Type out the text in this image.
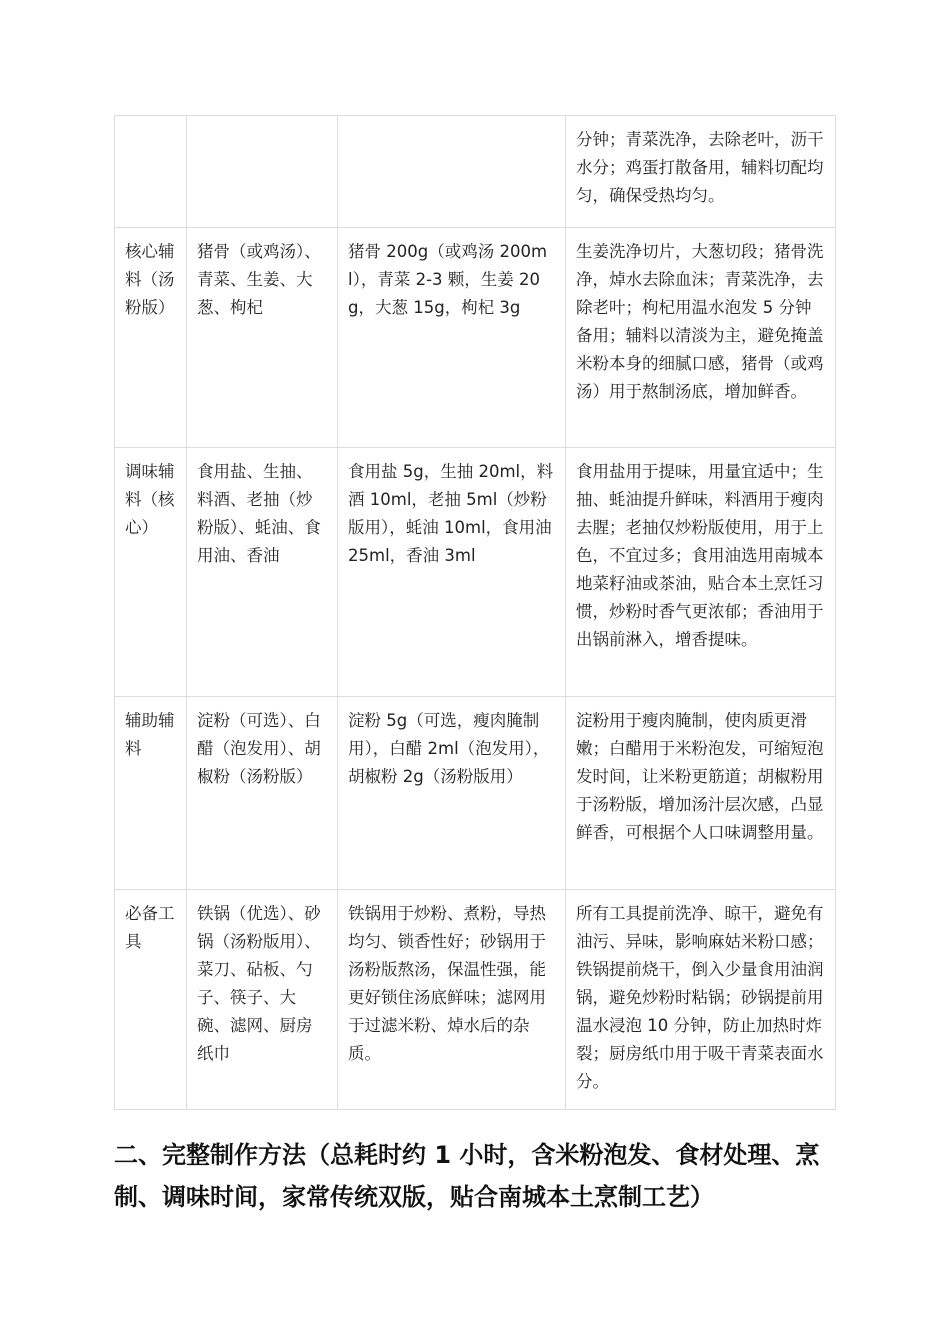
			分钟；青菜洗净，去除老叶，沥干水分；鸡蛋打散备用，辅料切配均匀，确保受热均匀。
核心辅料（汤粉版）	猪骨（或鸡汤）、青菜、生姜、大葱、枸杞	猪骨 200g（或鸡汤 200ml），青菜 2-3 颗，生姜 20g，大葱 15g，枸杞 3g	生姜洗净切片，大葱切段；猪骨洗净，焯水去除血沫；青菜洗净，去除老叶；枸杞用温水泡发 5 分钟备用；辅料以清淡为主，避免掩盖米粉本身的细腻口感，猪骨（或鸡汤）用于熬制汤底，增加鲜香。
调味辅料（核心）	食用盐、生抽、料酒、老抽（炒粉版）、蚝油、食用油、香油	食用盐 5g，生抽 20ml，料酒 10ml，老抽 5ml（炒粉版用），蚝油 10ml，食用油 25ml，香油 3ml	食用盐用于提味，用量宜适中；生抽、蚝油提升鲜味，料酒用于瘦肉去腥；老抽仅炒粉版使用，用于上色，不宜过多；食用油选用南城本地菜籽油或茶油，贴合本土烹饪习惯，炒粉时香气更浓郁；香油用于出锅前淋入，增香提味。
辅助辅料	淀粉（可选）、白醋（泡发用）、胡椒粉（汤粉版）	淀粉 5g（可选，瘦肉腌制用），白醋 2ml（泡发用），胡椒粉 2g（汤粉版用）	淀粉用于瘦肉腌制，使肉质更滑嫩；白醋用于米粉泡发，可缩短泡发时间，让米粉更筋道；胡椒粉用于汤粉版，增加汤汁层次感，凸显鲜香，可根据个人口味调整用量。
必备工具	铁锅（优选）、砂锅（汤粉版用）、菜刀、砧板、勺子、筷子、大碗、滤网、厨房纸巾	铁锅用于炒粉、煮粉，导热均匀、锁香性好；砂锅用于汤粉版熬汤，保温性强，能更好锁住汤底鲜味；滤网用于过滤米粉、焯水后的杂质。	所有工具提前洗净、晾干，避免有油污、异味，影响麻姑米粉口感；铁锅提前烧干，倒入少量食用油润锅，避免炒粉时粘锅；砂锅提前用温水浸泡 10 分钟，防止加热时炸裂；厨房纸巾用于吸干青菜表面水分。
二、完整制作方法（总耗时约 1 小时，含米粉泡发、食材处理、烹制、调味时间，家常传统双版，贴合南城本土烹制工艺）
